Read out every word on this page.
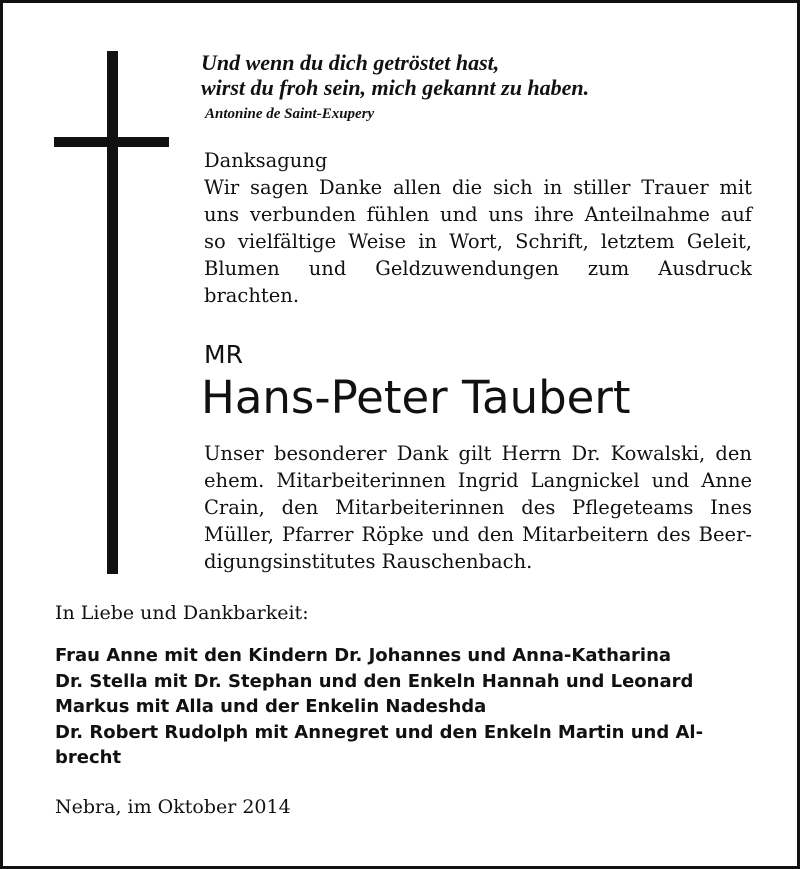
Und wenn du dich getröstet hast,
wirst du froh sein, mich gekannt zu haben.
Antonine de Saint-Exupery
Danksagung
Wir sagen Danke allen die sich in stiller Trauer mit
uns verbunden fühlen und uns ihre Anteilnahme auf
so vielfältige Weise in Wort, Schrift, letztem Geleit,
Blumen und Geldzuwendungen zum Ausdruck
brachten.
MR
Hans-Peter Taubert
Unser besonderer Dank gilt Herrn Dr. Kowalski, den
ehem. Mitarbeiterinnen Ingrid Langnickel und Anne
Crain, den Mitarbeiterinnen des Pflegeteams Ines
Müller, Pfarrer Röpke und den Mitarbeitern des Beer-
digungsinstitutes Rauschenbach.
In Liebe und Dankbarkeit:
Frau Anne mit den Kindern Dr. Johannes und Anna-Katharina
Dr. Stella mit Dr. Stephan und den Enkeln Hannah und Leonard
Markus mit Alla und der Enkelin Nadeshda
Dr. Robert Rudolph mit Annegret und den Enkeln Martin und Al-
brecht
Nebra, im Oktober 2014
